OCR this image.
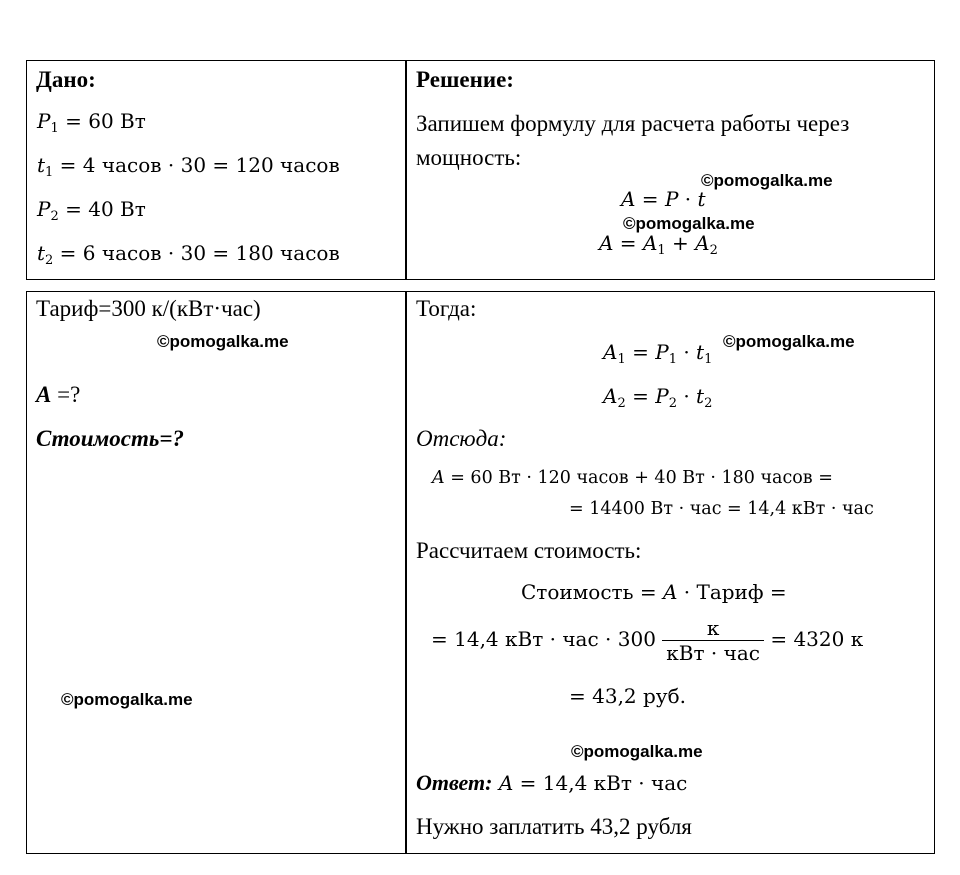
Дано:
$P_1 = 60$ Вт
$t_1 = 4$ часов · 30 = 120 часов
$P_2 = 40$ Вт
$t_2 = 6$ часов · 30 = 180 часов
Решение:
Запишем формулу для расчета работы через
мощность:
A = P · t
$A = A_1 + A_2$
©pomogalka.me
©pomogalka.me
Тариф=300 к/(кВт·час)
©pomogalka.me
A =?
Стоимость=?
©pomogalka.me
Тогда:
$A_1 = P_1 \cdot t_1$
©pomogalka.me
$A_2 = P_2 \cdot t_2$
Отсюда:
A = 60 Вт · 120 часов + 40 Вт · 180 часов =
= 14400 Вт · час = 14,4 кВт · час
Рассчитаем стоимость:
Стоимость = A · Тариф =
= 14,4 кВт · час · $300 \frac{к}{\text{кВт · час}} = 4320$ к
= 43,2 руб.
©pomogalka.me
Ответ: A = 14,4 кВт · час
Нужно заплатить 43,2 рубля
